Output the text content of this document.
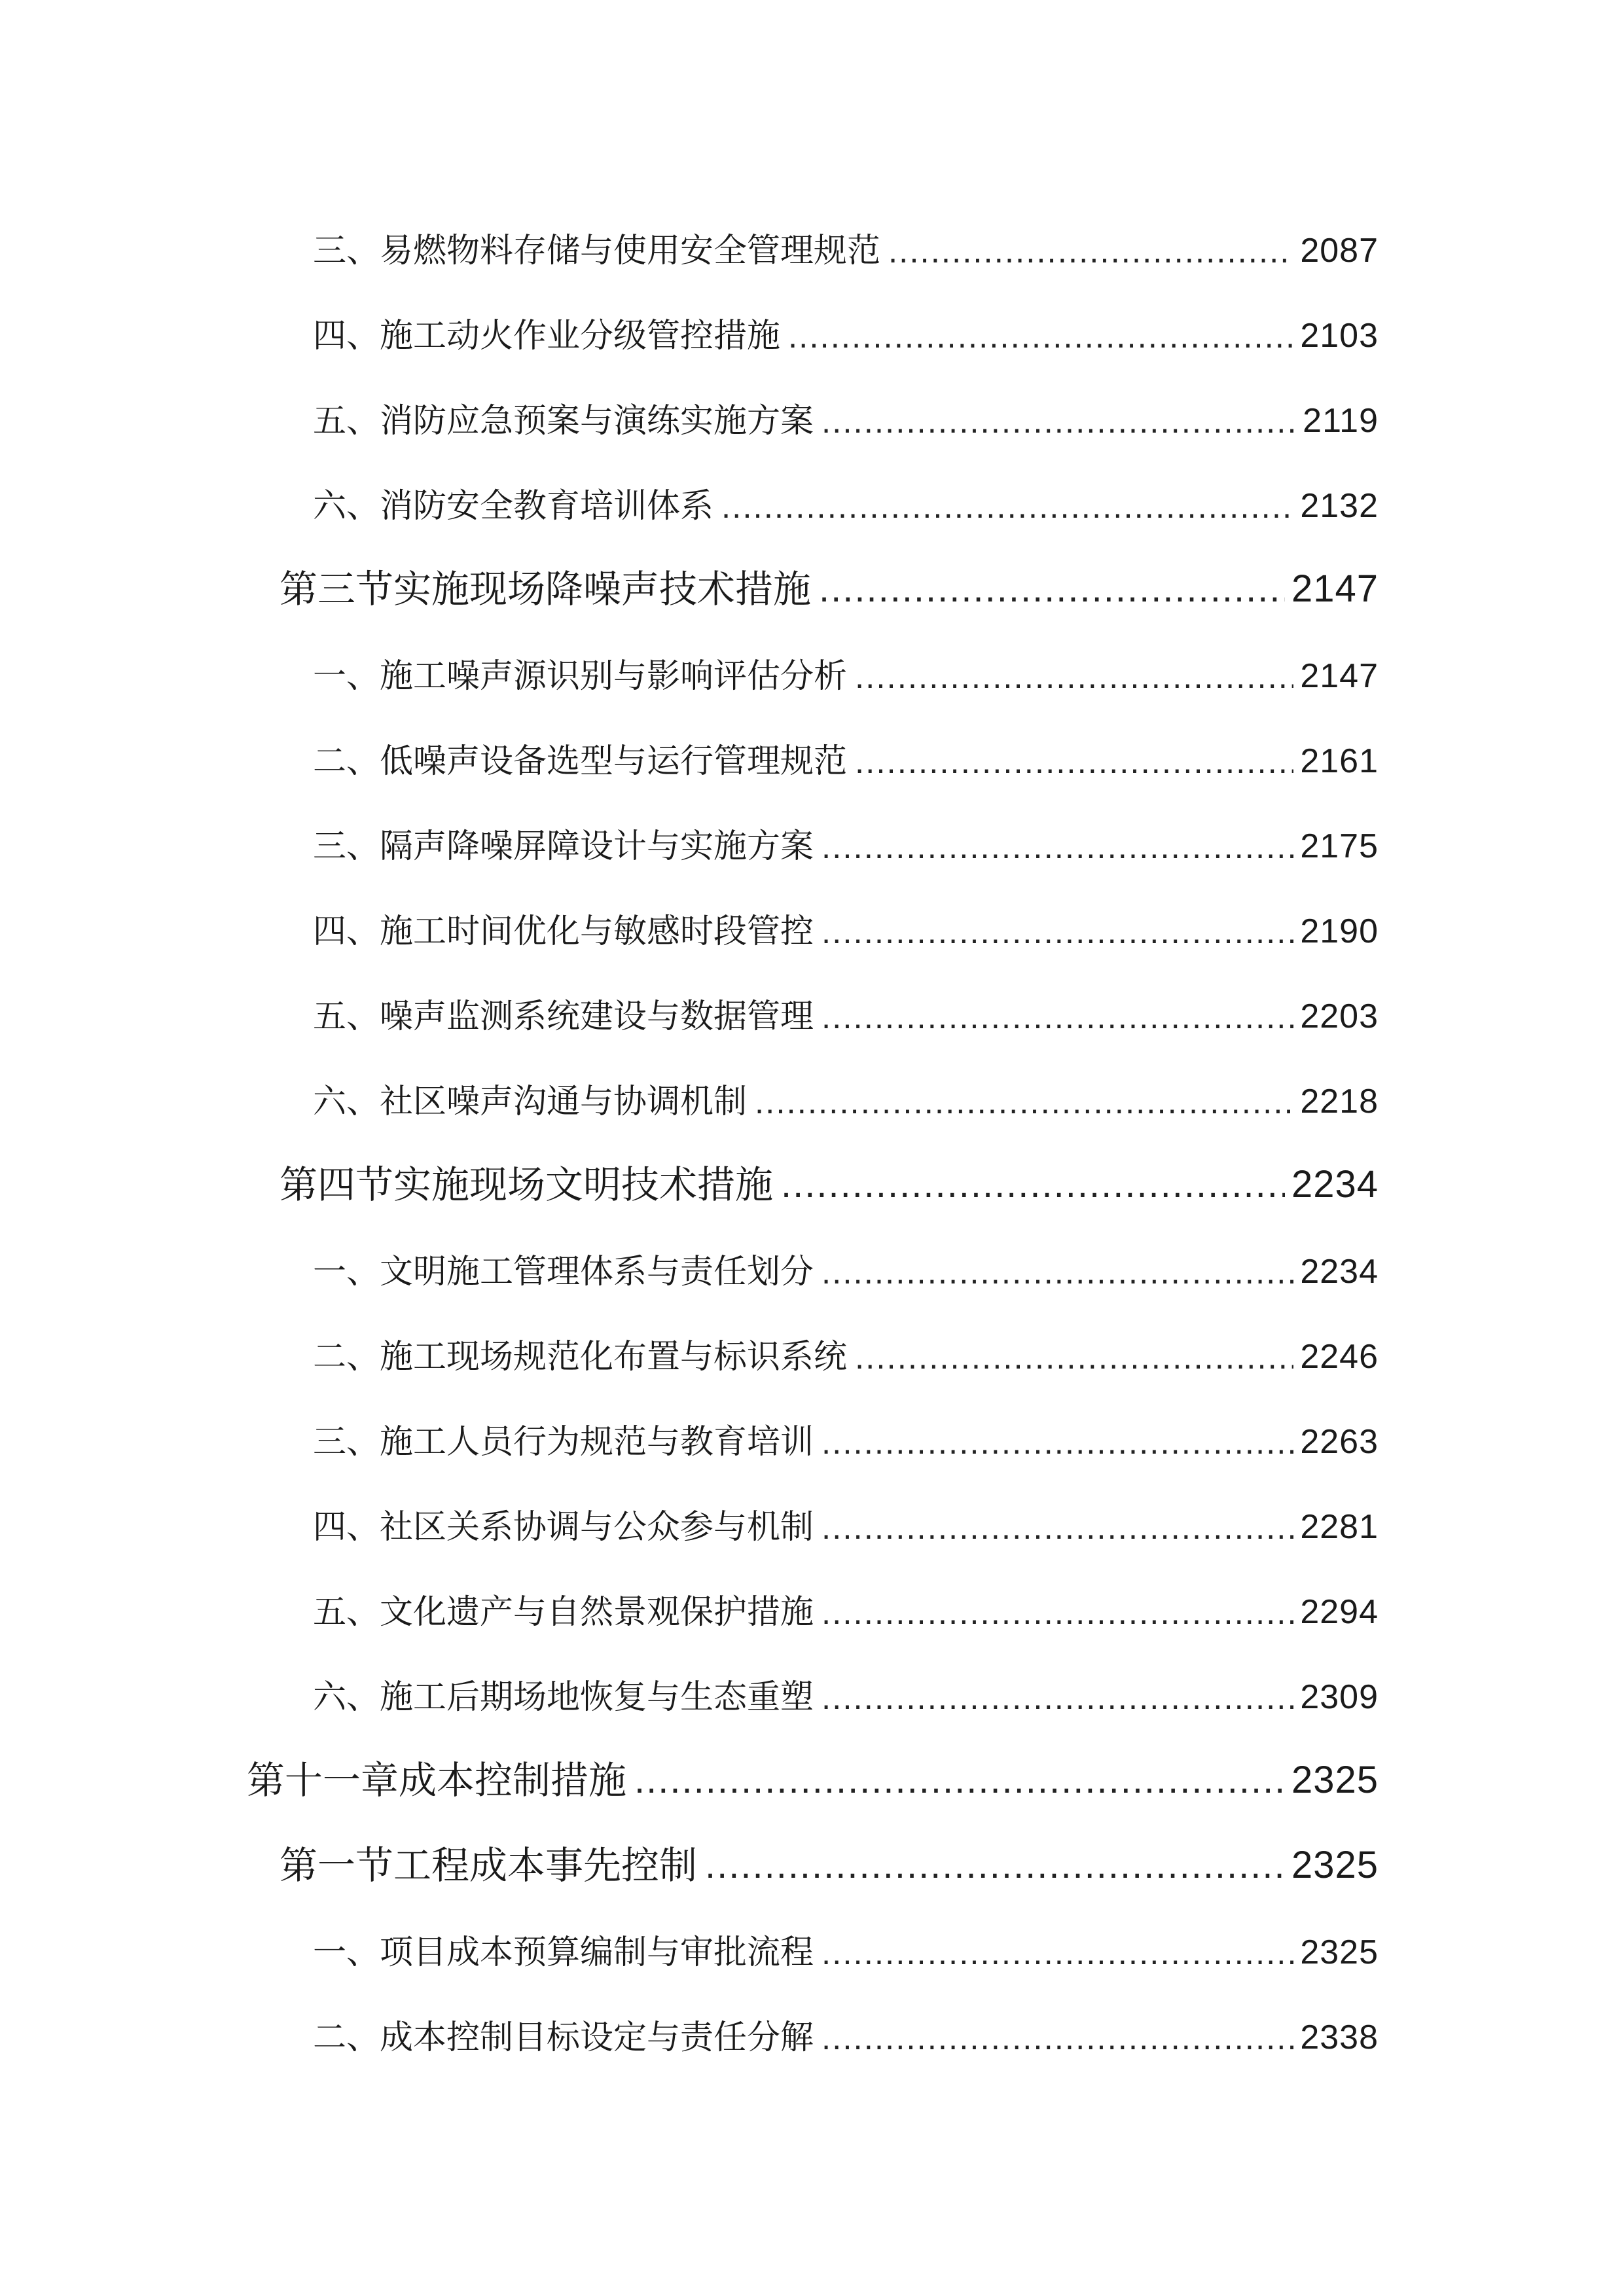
三、易燃物料存储与使用安全管理规范 .....	2087
四、施工动火作业分级管控措施 .....	2103
五、消防应急预案与演练实施方案 .....	2119
六、消防安全教育培训体系 .....	2132
第三节实施现场降噪声技术措施 .....	2147
一、施工噪声源识别与影响评估分析 .....	2147
二、低噪声设备选型与运行管理规范 .....	2161
三、隔声降噪屏障设计与实施方案 .....	2175
四、施工时间优化与敏感时段管控 .....	2190
五、噪声监测系统建设与数据管理 .....	2203
六、社区噪声沟通与协调机制 .....	2218
第四节实施现场文明技术措施 .....	2234
一、文明施工管理体系与责任划分 .....	2234
二、施工现场规范化布置与标识系统 .....	2246
三、施工人员行为规范与教育培训 .....	2263
四、社区关系协调与公众参与机制 .....	2281
五、文化遗产与自然景观保护措施 .....	2294
六、施工后期场地恢复与生态重塑 .....	2309
第十一章成本控制措施 .....	2325
第一节工程成本事先控制 .....	2325
一、项目成本预算编制与审批流程 .....	2325
二、成本控制目标设定与责任分解 .....	2338
